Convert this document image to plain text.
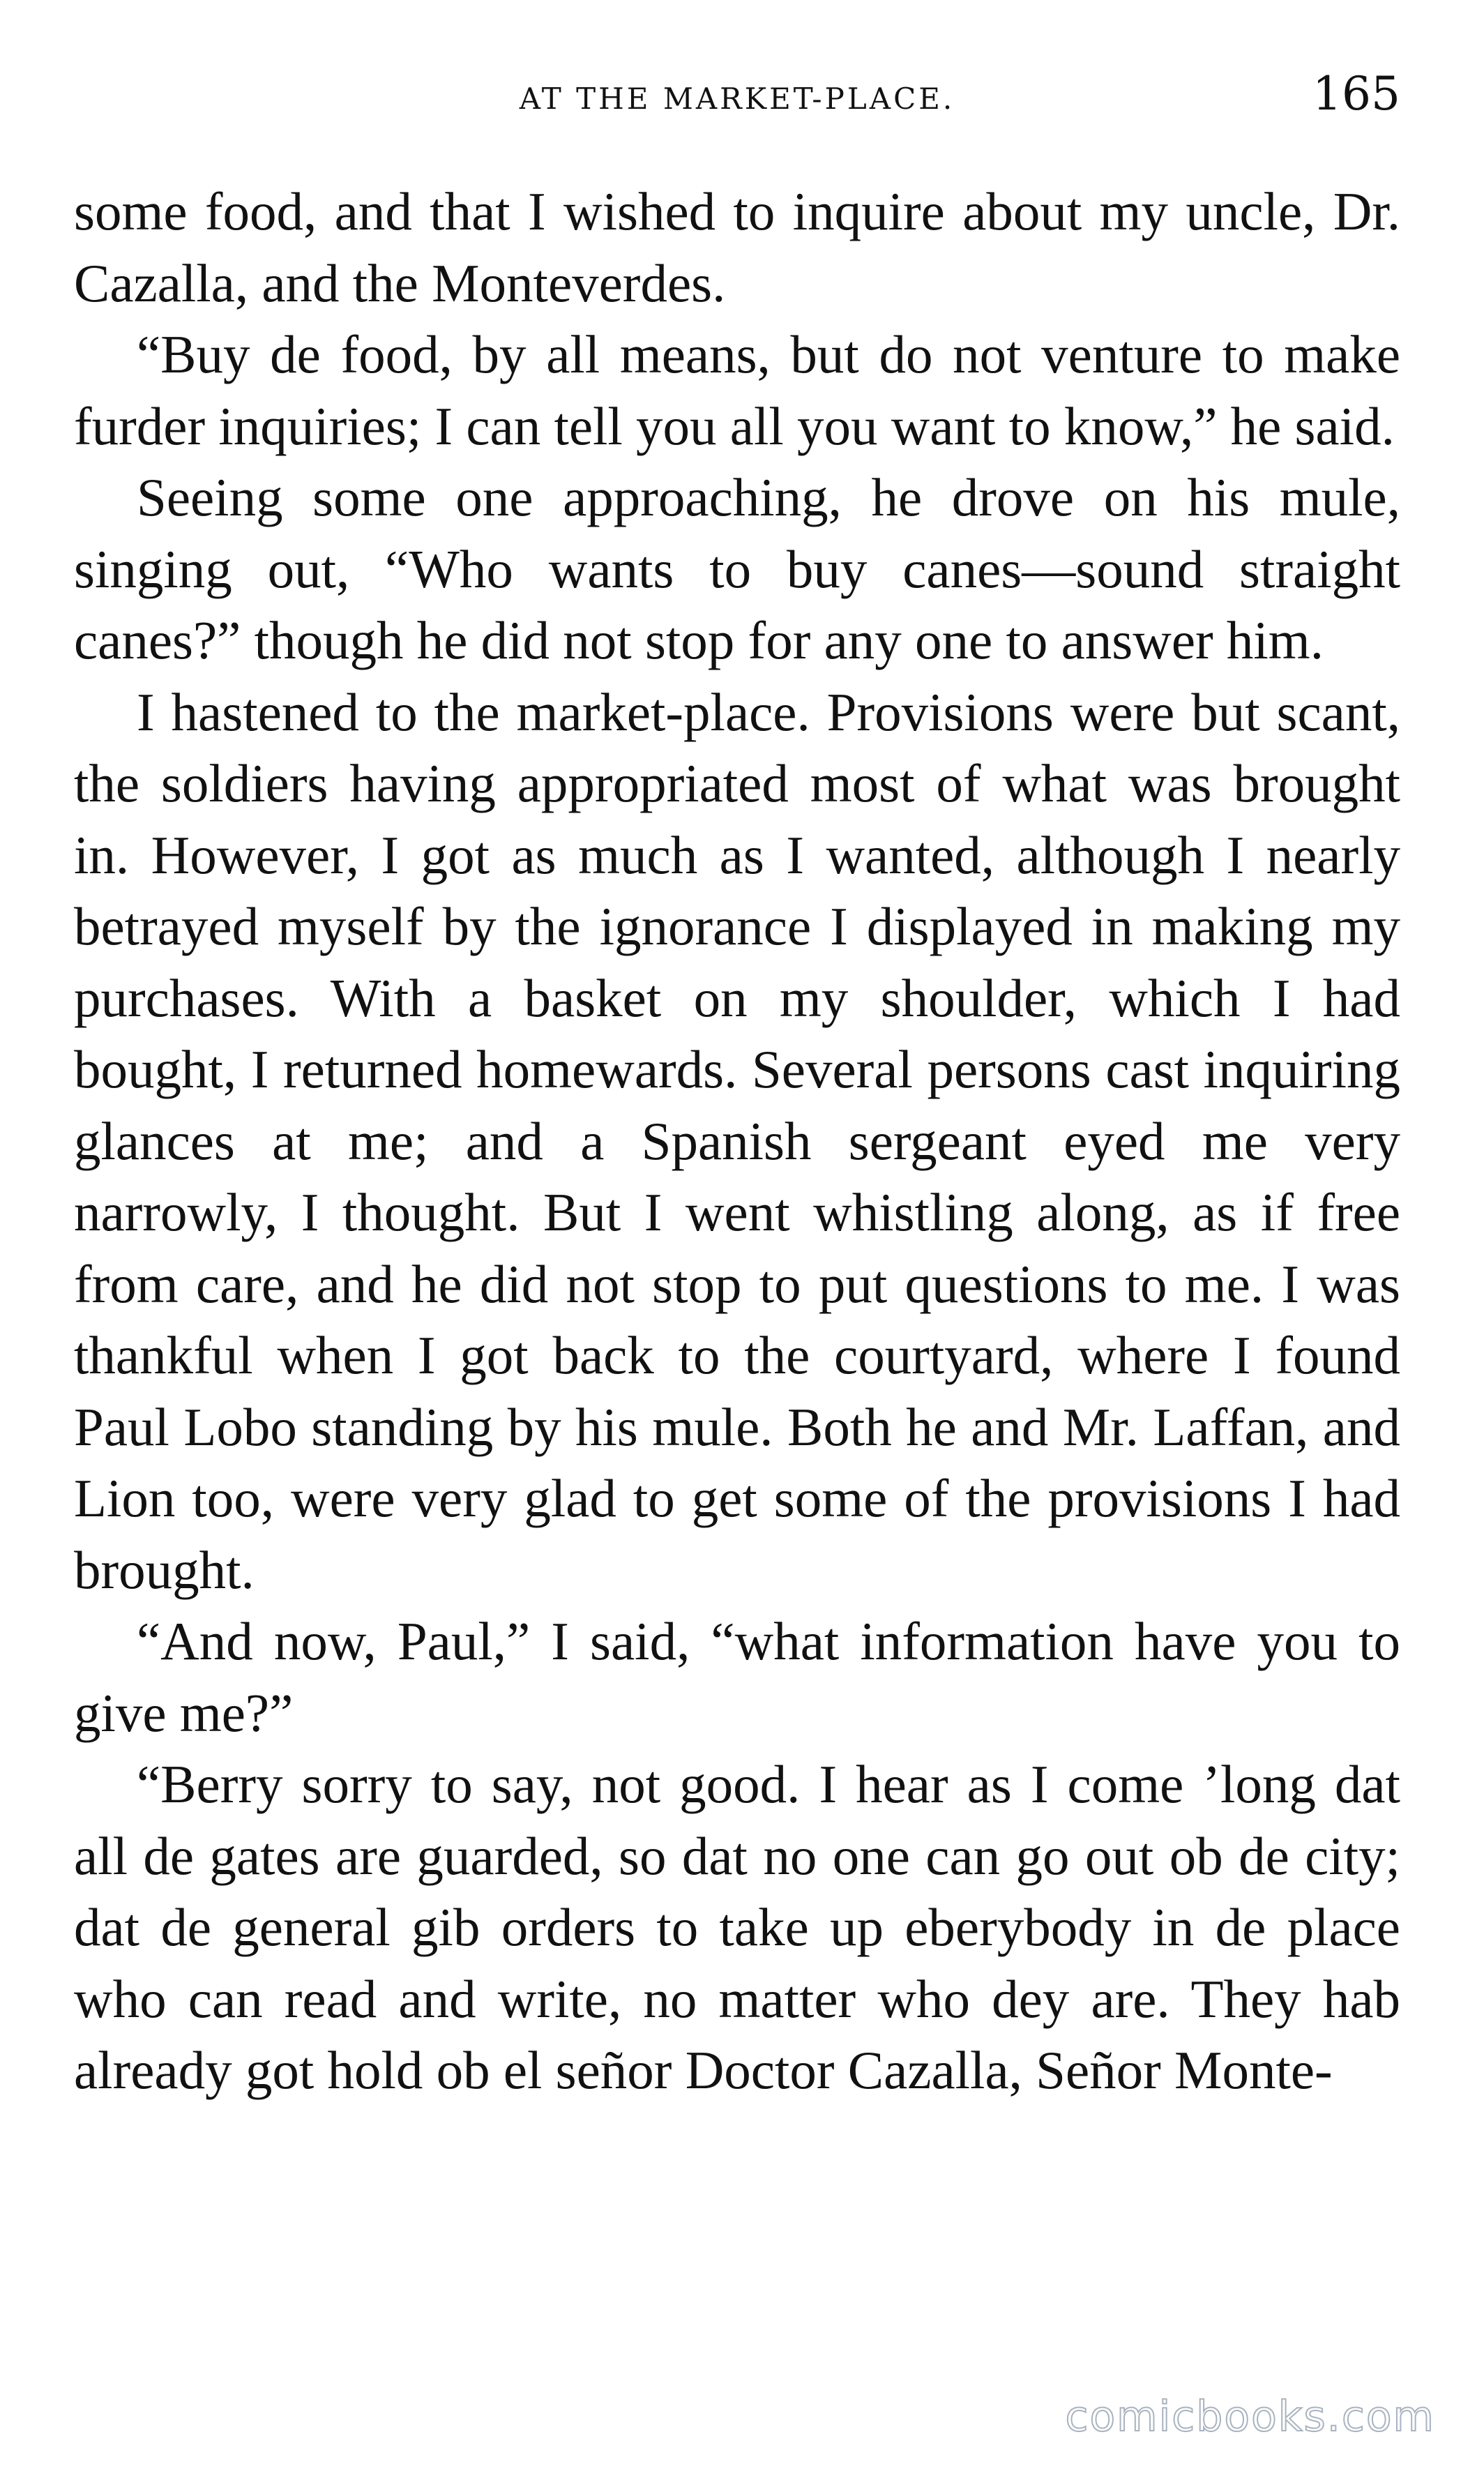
AT THE MARKET-PLACE.	165

some food, and that I wished to inquire about my uncle, Dr. Cazalla, and the Monteverdes.

“Buy de food, by all means, but do not venture to make furder inquiries; I can tell you all you want to know,” he said.

Seeing some one approaching, he drove on his mule, singing out, “Who wants to buy canes—sound straight canes?” though he did not stop for any one to answer him.

I hastened to the market-place. Provisions were but scant, the soldiers having appropriated most of what was brought in. However, I got as much as I wanted, although I nearly betrayed myself by the ignorance I displayed in making my purchases. With a basket on my shoulder, which I had bought, I returned homewards. Several persons cast inquiring glances at me; and a Spanish sergeant eyed me very narrowly, I thought. But I went whistling along, as if free from care, and he did not stop to put questions to me. I was thankful when I got back to the courtyard, where I found Paul Lobo standing by his mule. Both he and Mr. Laffan, and Lion too, were very glad to get some of the provisions I had brought.

“And now, Paul,” I said, “what information have you to give me?”

“Berry sorry to say, not good. I hear as I come ’long dat all de gates are guarded, so dat no one can go out ob de city; dat de general gib orders to take up eberybody in de place who can read and write, no matter who dey are. They hab already got hold ob el señor Doctor Cazalla, Señor Monte-

comicbooks.com
